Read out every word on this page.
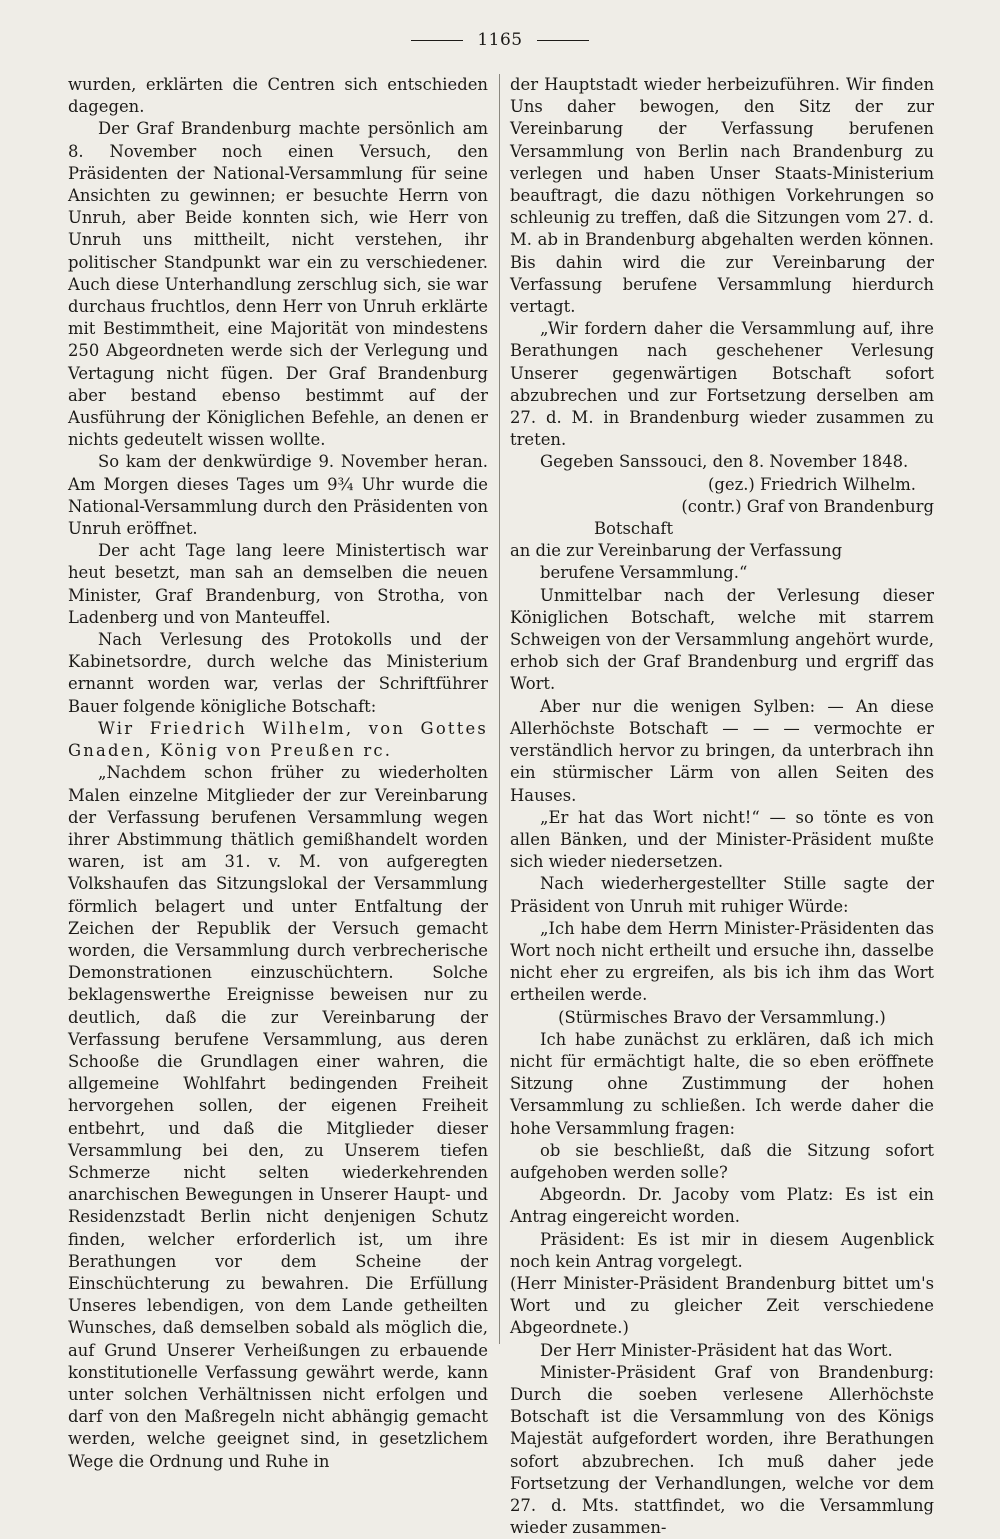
1165

wurden, erklärten die Centren sich entschieden dagegen.

Der Graf Brandenburg machte persönlich am 8. November noch einen Versuch, den Präsidenten der National-Versammlung für seine Ansichten zu gewinnen; er besuchte Herrn von Unruh, aber Beide konnten sich, wie Herr von Unruh uns mittheilt, nicht verstehen, ihr politischer Standpunkt war ein zu verschiedener. Auch diese Unterhandlung zerschlug sich, sie war durchaus fruchtlos, denn Herr von Unruh erklärte mit Bestimmtheit, eine Majorität von mindestens 250 Abgeordneten werde sich der Verlegung und Vertagung nicht fügen. Der Graf Brandenburg aber bestand ebenso bestimmt auf der Ausführung der Königlichen Befehle, an denen er nichts gedeutelt wissen wollte.

So kam der denkwürdige 9. November heran. Am Morgen dieses Tages um 9¾ Uhr wurde die National-Versammlung durch den Präsidenten von Unruh eröffnet.

Der acht Tage lang leere Ministertisch war heut besetzt, man sah an demselben die neuen Minister, Graf Brandenburg, von Strotha, von Ladenberg und von Manteuffel.

Nach Verlesung des Protokolls und der Kabinetsordre, durch welche das Ministerium ernannt worden war, verlas der Schriftführer Bauer folgende königliche Botschaft:

Wir Friedrich Wilhelm, von Gottes Gnaden, König von Preußen rc.

„Nachdem schon früher zu wiederholten Malen einzelne Mitglieder der zur Vereinbarung der Verfassung berufenen Versammlung wegen ihrer Abstimmung thätlich gemißhandelt worden waren, ist am 31. v. M. von aufgeregten Volkshaufen das Sitzungslokal der Versammlung förmlich belagert und unter Entfaltung der Zeichen der Republik der Versuch gemacht worden, die Versammlung durch verbrecherische Demonstrationen einzuschüchtern. Solche beklagenswerthe Ereignisse beweisen nur zu deutlich, daß die zur Vereinbarung der Verfassung berufene Versammlung, aus deren Schooße die Grundlagen einer wahren, die allgemeine Wohlfahrt bedingenden Freiheit hervorgehen sollen, der eigenen Freiheit entbehrt, und daß die Mitglieder dieser Versammlung bei den, zu Unserem tiefen Schmerze nicht selten wiederkehrenden anarchischen Bewegungen in Unserer Haupt- und Residenzstadt Berlin nicht denjenigen Schutz finden, welcher erforderlich ist, um ihre Berathungen vor dem Scheine der Einschüchterung zu bewahren. Die Erfüllung Unseres lebendigen, von dem Lande getheilten Wunsches, daß demselben sobald als möglich die, auf Grund Unserer Verheißungen zu erbauende konstitutionelle Verfassung gewährt werde, kann unter solchen Verhältnissen nicht erfolgen und darf von den Maßregeln nicht abhängig gemacht werden, welche geeignet sind, in gesetzlichem Wege die Ordnung und Ruhe in

der Hauptstadt wieder herbeizuführen. Wir finden Uns daher bewogen, den Sitz der zur Vereinbarung der Verfassung berufenen Versammlung von Berlin nach Brandenburg zu verlegen und haben Unser Staats-Ministerium beauftragt, die dazu nöthigen Vorkehrungen so schleunig zu treffen, daß die Sitzungen vom 27. d. M. ab in Brandenburg abgehalten werden können. Bis dahin wird die zur Vereinbarung der Verfassung berufene Versammlung hierdurch vertagt.

„Wir fordern daher die Versammlung auf, ihre Berathungen nach geschehener Verlesung Unserer gegenwärtigen Botschaft sofort abzubrechen und zur Fortsetzung derselben am 27. d. M. in Brandenburg wieder zusammen zu treten.

Gegeben Sanssouci, den 8. November 1848.

(gez.) Friedrich Wilhelm.

(contr.) Graf von Brandenburg

Botschaft

an die zur Vereinbarung der Verfassung

berufene Versammlung.“

Unmittelbar nach der Verlesung dieser Königlichen Botschaft, welche mit starrem Schweigen von der Versammlung angehört wurde, erhob sich der Graf Brandenburg und ergriff das Wort.

Aber nur die wenigen Sylben: — An diese Allerhöchste Botschaft — — — vermochte er verständlich hervor zu bringen, da unterbrach ihn ein stürmischer Lärm von allen Seiten des Hauses.

„Er hat das Wort nicht!“ — so tönte es von allen Bänken, und der Minister-Präsident mußte sich wieder niedersetzen.

Nach wiederhergestellter Stille sagte der Präsident von Unruh mit ruhiger Würde:

„Ich habe dem Herrn Minister-Präsidenten das Wort noch nicht ertheilt und ersuche ihn, dasselbe nicht eher zu ergreifen, als bis ich ihm das Wort ertheilen werde.

(Stürmisches Bravo der Versammlung.)

Ich habe zunächst zu erklären, daß ich mich nicht für ermächtigt halte, die so eben eröffnete Sitzung ohne Zustimmung der hohen Versammlung zu schließen. Ich werde daher die hohe Versammlung fragen:

ob sie beschließt, daß die Sitzung sofort aufgehoben werden solle?

Abgeordn. Dr. Jacoby vom Platz: Es ist ein Antrag eingereicht worden.

Präsident: Es ist mir in diesem Augenblick noch kein Antrag vorgelegt.

(Herr Minister-Präsident Brandenburg bittet um's Wort und zu gleicher Zeit verschiedene Abgeordnete.)

Der Herr Minister-Präsident hat das Wort.

Minister-Präsident Graf von Brandenburg: Durch die soeben verlesene Allerhöchste Botschaft ist die Versammlung von des Königs Majestät aufgefordert worden, ihre Berathungen sofort abzubrechen. Ich muß daher jede Fortsetzung der Verhandlungen, welche vor dem 27. d. Mts. stattfindet, wo die Versammlung wieder zusammen-
